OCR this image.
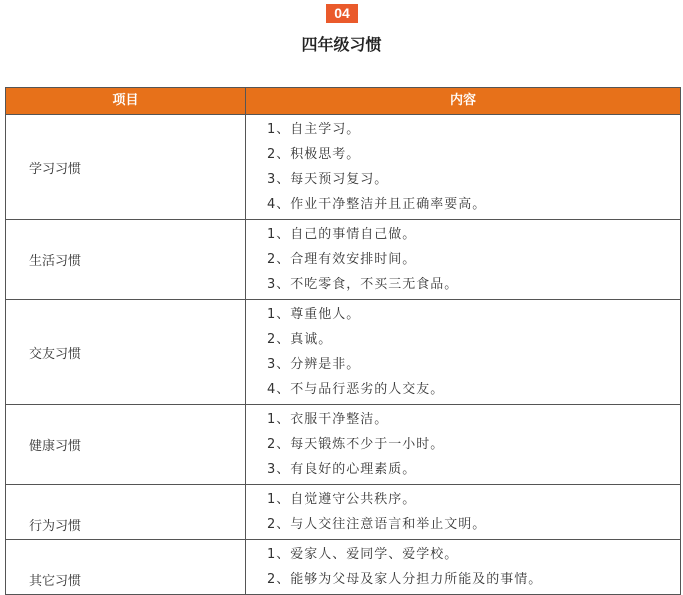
04
四年级习惯
项目	内容
学习习惯	1、自主学习。
2、积极思考。
3、每天预习复习。
4、作业干净整洁并且正确率要高。

生活习惯	1、自己的事情自己做。
2、合理有效安排时间。
3、不吃零食，不买三无食品。

交友习惯	1、尊重他人。
2、真诚。
3、分辨是非。
4、不与品行恶劣的人交友。

健康习惯	1、衣服干净整洁。
2、每天锻炼不少于一小时。
3、有良好的心理素质。

行为习惯	1、自觉遵守公共秩序。
2、与人交往注意语言和举止文明。

其它习惯	1、爱家人、爱同学、爱学校。
2、能够为父母及家人分担力所能及的事情。
